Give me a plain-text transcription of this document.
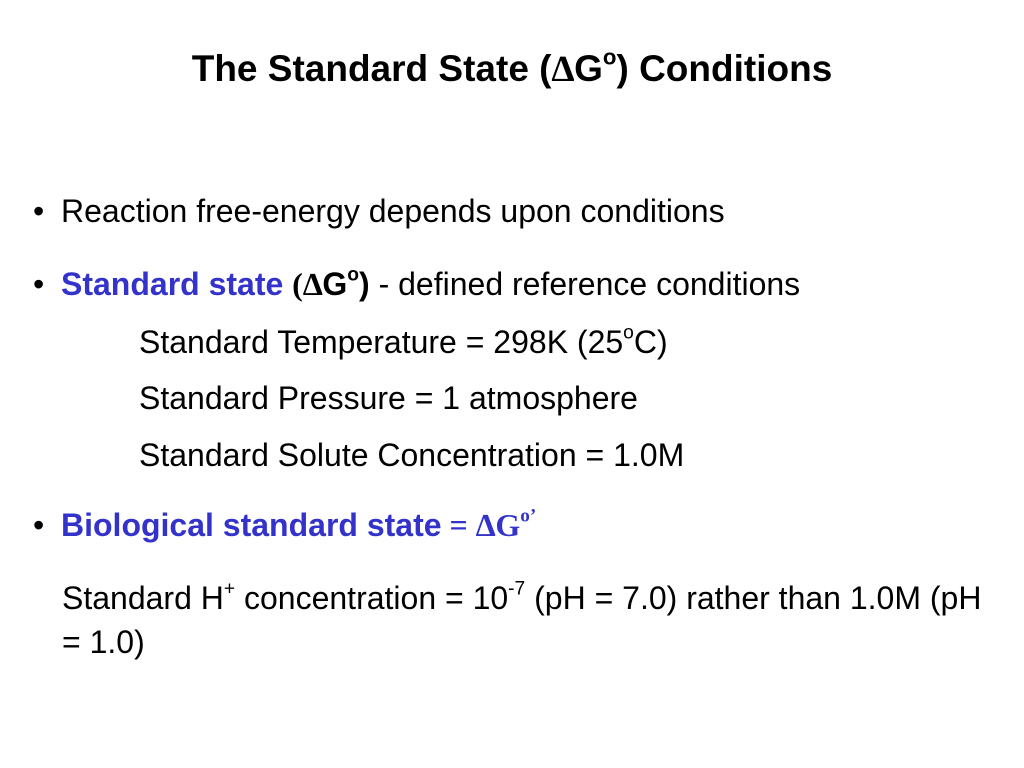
The Standard State $(\Delta G^o)$ Conditions
• Reaction free-energy depends upon conditions
• Standard state $(\Delta G^o)$ - defined reference conditions
Standard Temperature = 298K (25$^o$C)
Standard Pressure = 1 atmosphere
Standard Solute Concentration = 1.0M
• Biological standard state = $\Delta G^{o’}$
Standard H+ concentration = $10^{-7}$ (pH = 7.0) rather than 1.0M (pH = 1.0)
